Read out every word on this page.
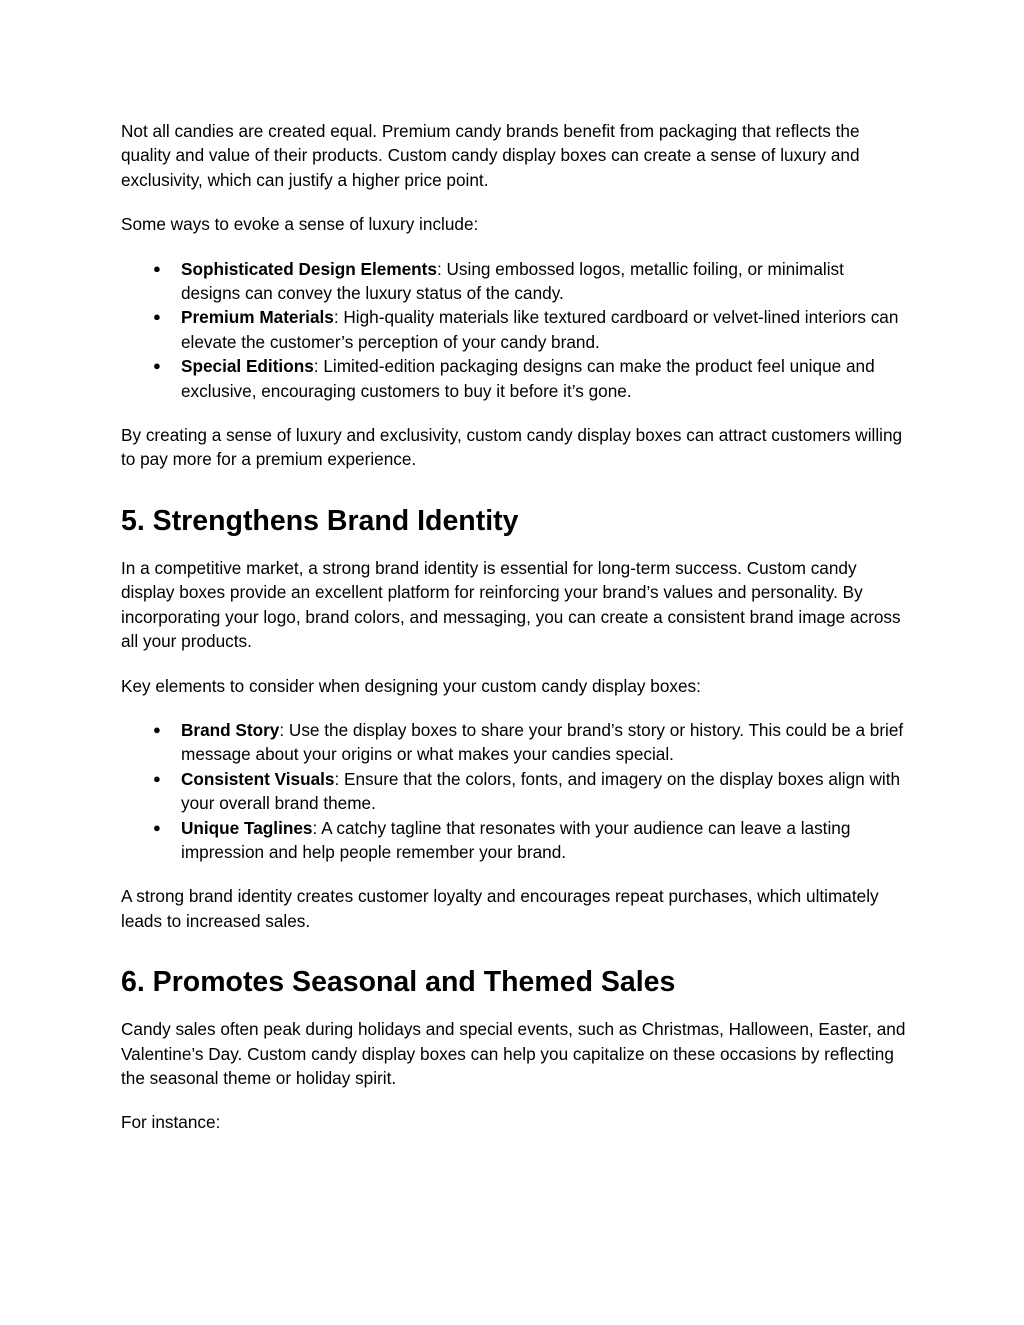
Not all candies are created equal. Premium candy brands benefit from packaging that reflects the quality and value of their products. Custom candy display boxes can create a sense of luxury and exclusivity, which can justify a higher price point.

Some ways to evoke a sense of luxury include:

● Sophisticated Design Elements: Using embossed logos, metallic foiling, or minimalist designs can convey the luxury status of the candy.
● Premium Materials: High-quality materials like textured cardboard or velvet-lined interiors can elevate the customer’s perception of your candy brand.
● Special Editions: Limited-edition packaging designs can make the product feel unique and exclusive, encouraging customers to buy it before it’s gone.

By creating a sense of luxury and exclusivity, custom candy display boxes can attract customers willing to pay more for a premium experience.

5. Strengthens Brand Identity

In a competitive market, a strong brand identity is essential for long-term success. Custom candy display boxes provide an excellent platform for reinforcing your brand’s values and personality. By incorporating your logo, brand colors, and messaging, you can create a consistent brand image across all your products.

Key elements to consider when designing your custom candy display boxes:

● Brand Story: Use the display boxes to share your brand’s story or history. This could be a brief message about your origins or what makes your candies special.
● Consistent Visuals: Ensure that the colors, fonts, and imagery on the display boxes align with your overall brand theme.
● Unique Taglines: A catchy tagline that resonates with your audience can leave a lasting impression and help people remember your brand.

A strong brand identity creates customer loyalty and encourages repeat purchases, which ultimately leads to increased sales.

6. Promotes Seasonal and Themed Sales

Candy sales often peak during holidays and special events, such as Christmas, Halloween, Easter, and Valentine’s Day. Custom candy display boxes can help you capitalize on these occasions by reflecting the seasonal theme or holiday spirit.

For instance:
